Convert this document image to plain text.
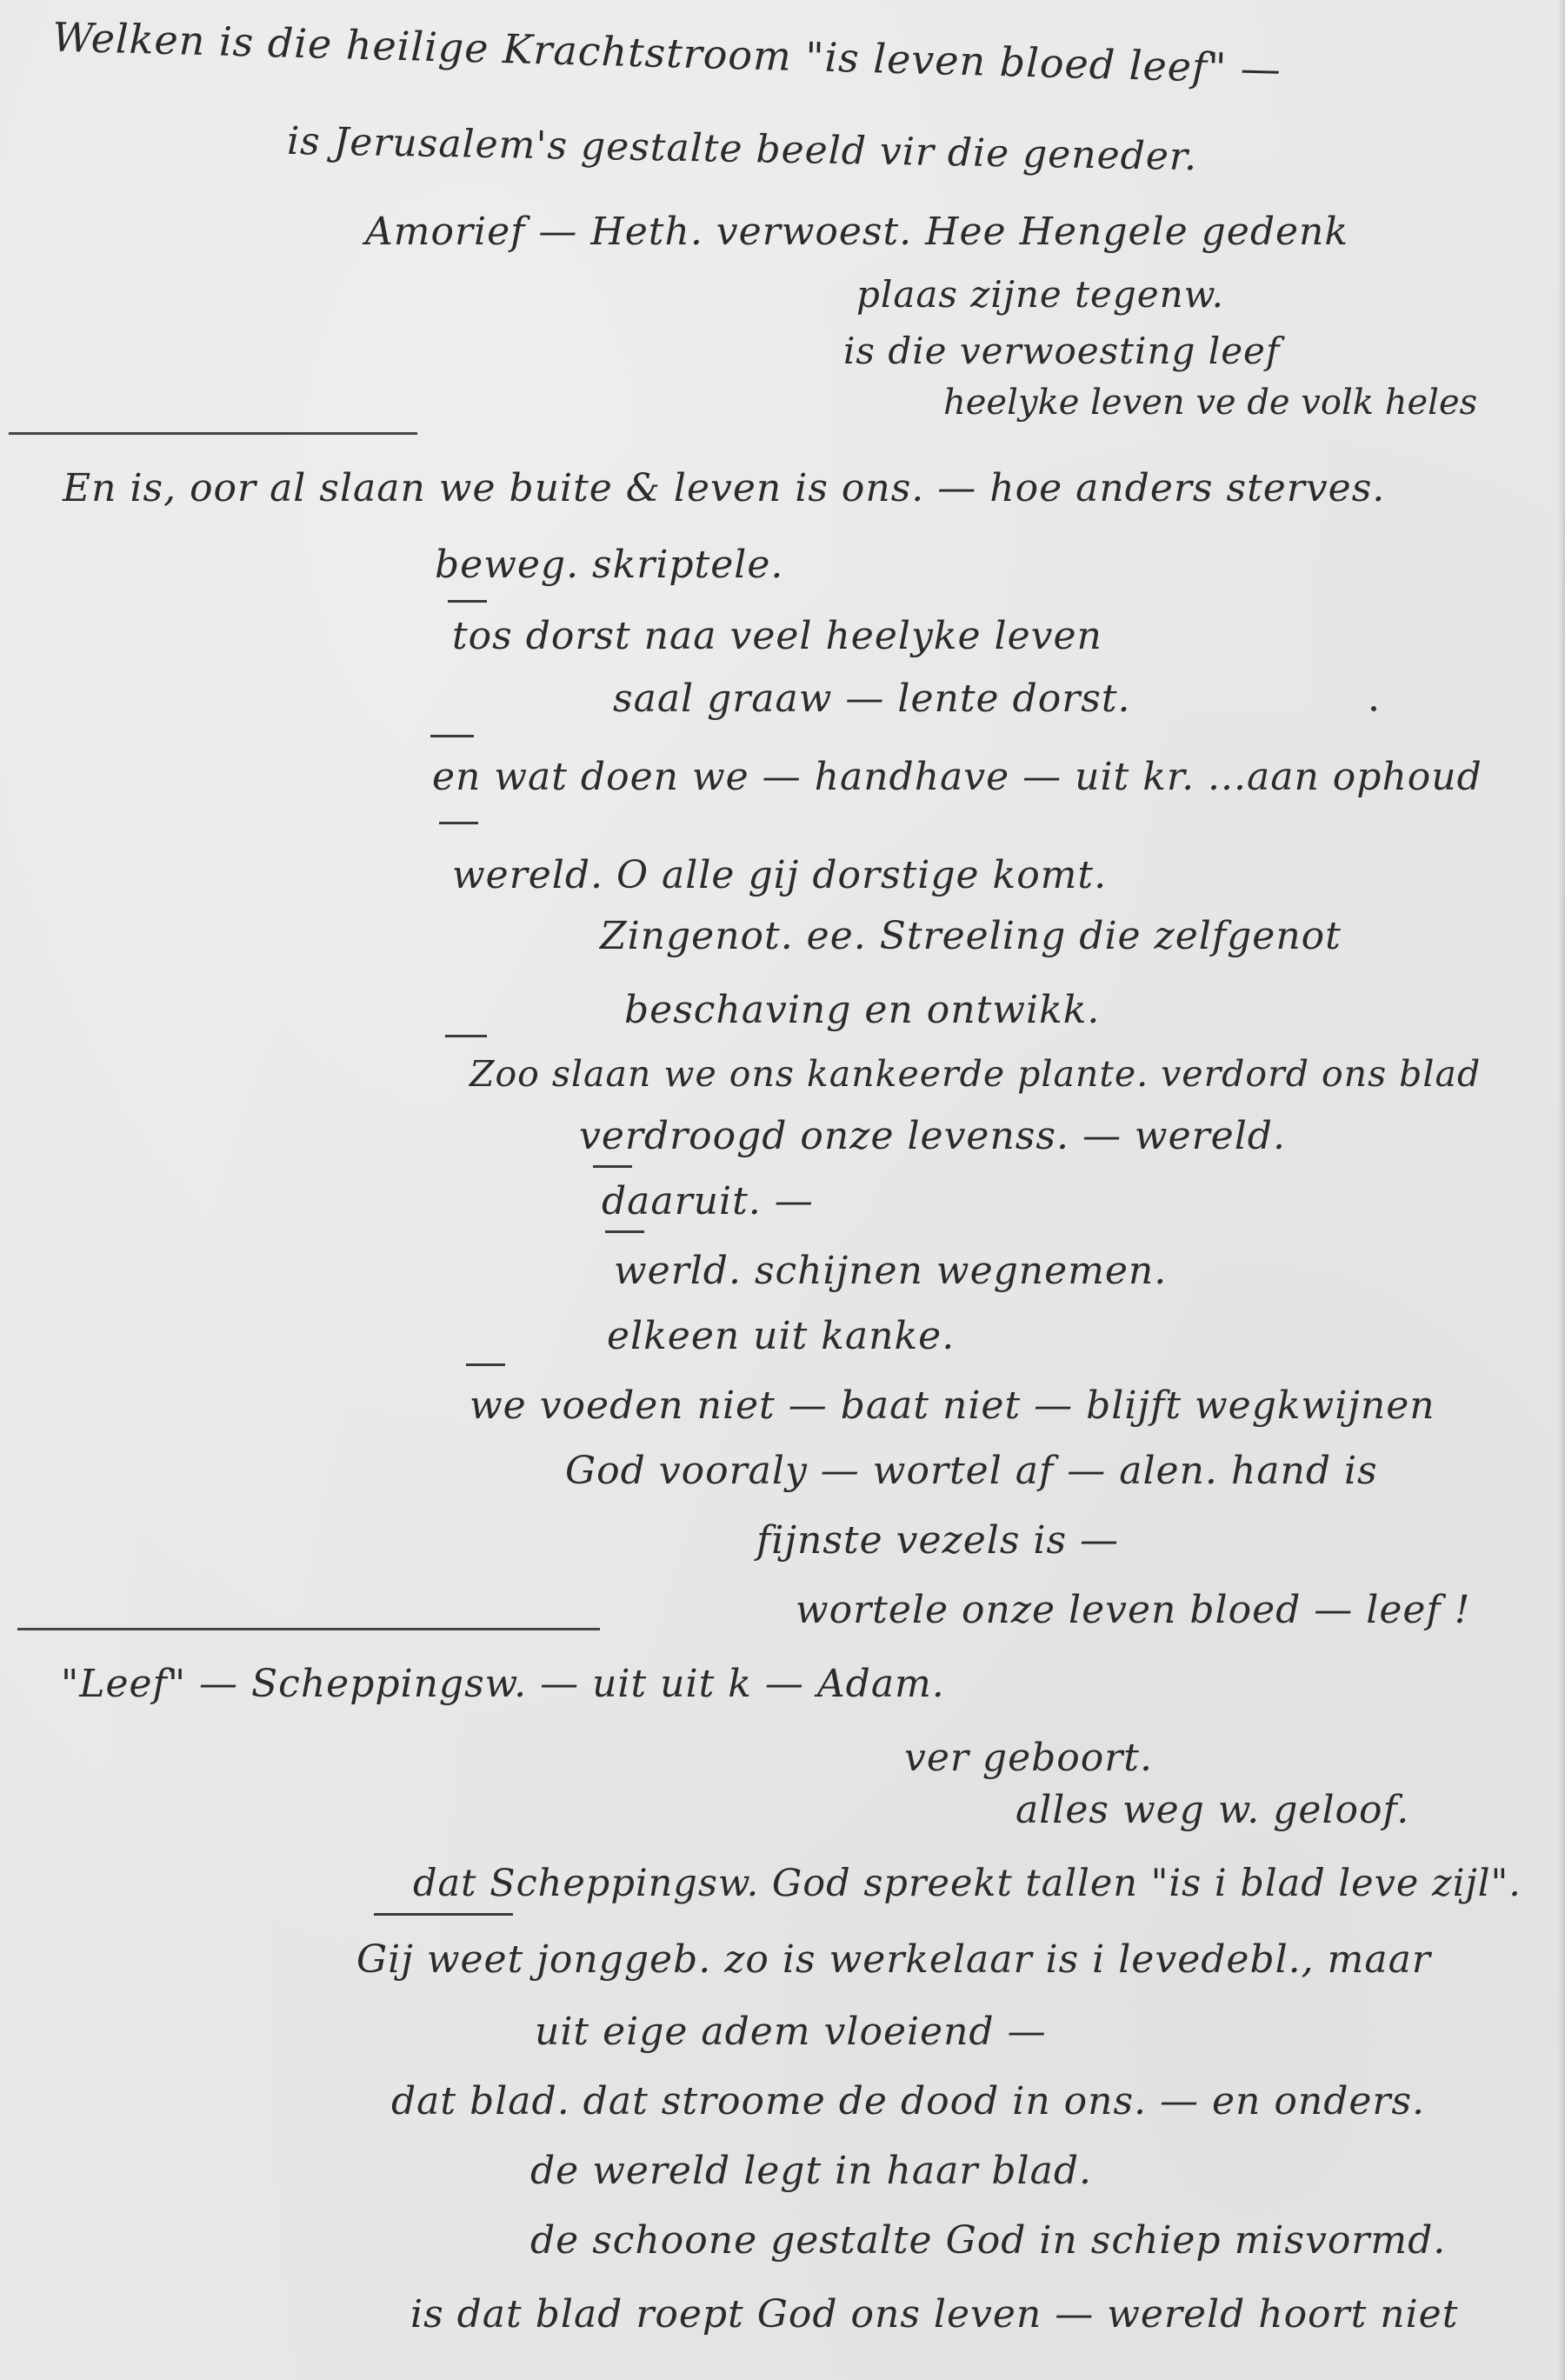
Welken is die heilige Krachtstroom "is leven bloed leef" —
is Jerusalem's gestalte beeld vir die geneder.
Amorief — Heth. verwoest. Hee Hengele gedenk
plaas zijne tegenw.
is die verwoesting leef
heelyke leven ve de volk heles
En is, oor al slaan we buite & leven is ons. — hoe anders sterves.
beweg. skriptele.
tos dorst naa veel heelyke leven
saal graaw — lente dorst.
en wat doen we — handhave — uit kr. ...aan ophoud
wereld. O alle gij dorstige komt.
Zingenot. ee. Streeling die zelfgenot
beschaving en ontwikk.
Zoo slaan we ons kankeerde plante. verdord ons blad
verdroogd onze levenss. — wereld.
daaruit. —
werld. schijnen wegnemen.
elkeen uit kanke.
we voeden niet — baat niet — blijft wegkwijnen
God vooraly — wortel af — alen. hand is
fijnste vezels is —
wortele onze leven bloed — leef !
"Leef" — Scheppingsw. — uit uit k — Adam.
ver geboort.
alles weg w. geloof.
dat Scheppingsw. God spreekt tallen "is i blad leve zijl".
Gij weet jonggeb. zo is werkelaar is i levedebl., maar
uit eige adem vloeiend —
dat blad. dat stroome de dood in ons. — en onders.
de wereld legt in haar blad.
de schoone gestalte God in schiep misvormd.
is dat blad roept God ons leven — wereld hoort niet
